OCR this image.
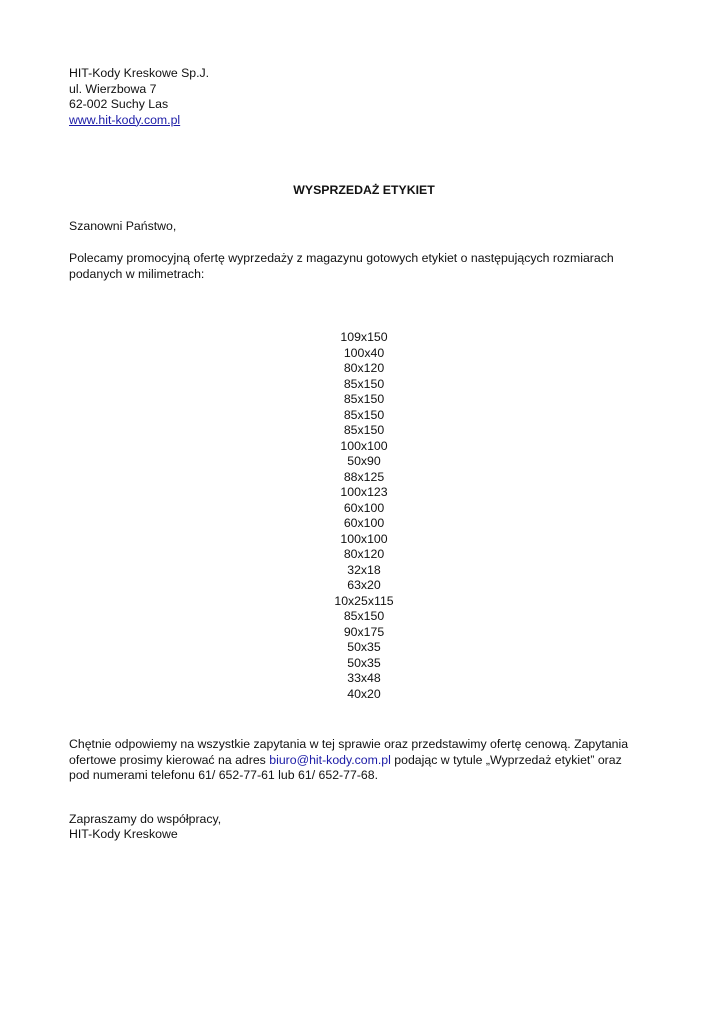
HIT-Kody Kreskowe Sp.J.
ul. Wierzbowa 7
62-002 Suchy Las
www.hit-kody.com.pl
WYSPRZEDAŻ ETYKIET
Szanowni Państwo,
Polecamy promocyjną ofertę wyprzedaży z magazynu gotowych etykiet o następujących rozmiarach podanych w milimetrach:
109x150
100x40
80x120
85x150
85x150
85x150
85x150
100x100
50x90
88x125
100x123
60x100
60x100
100x100
80x120
32x18
63x20
10x25x115
85x150
90x175
50x35
50x35
33x48
40x20
Chętnie odpowiemy na wszystkie zapytania w tej sprawie oraz przedstawimy ofertę cenową. Zapytania ofertowe prosimy kierować na adres biuro@hit-kody.com.pl podając w tytule „Wyprzedaż etykiet” oraz pod numerami telefonu 61/ 652-77-61 lub 61/ 652-77-68.
Zapraszamy do współpracy,
HIT-Kody Kreskowe
